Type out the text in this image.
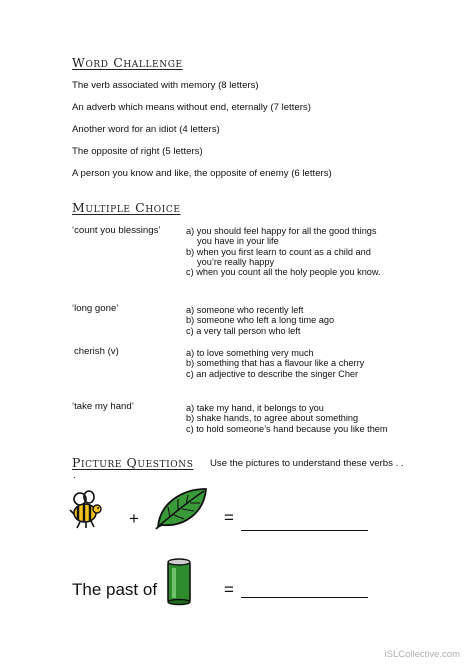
Word Challenge
The verb associated with memory (8 letters)
An adverb which means without end, eternally (7 letters)
Another word for an idiot (4 letters)
The opposite of right (5 letters)
A person you know and like, the opposite of enemy (6 letters)
Multiple Choice
‘count you blessings’	a) you should feel happy for all the good things
you have in your life
b) when you first learn to count as a child and
you’re really happy
c) when you count all the holy people you know.
‘long gone’	a) someone who recently left
b) someone who left a long time ago
c) a very tall person who left
cherish (v)	a) to love something very much
b) something that has a flavour like a cherry
c) an adjective to describe the singer Cher
‘take my hand’	a) take my hand, it belongs to you
b) shake hands, to agree about something
c) to hold someone’s hand because you like them
Picture Questions Use the pictures to understand these verbs . .
.
+	=
The past of	=
iSLCollective.com
